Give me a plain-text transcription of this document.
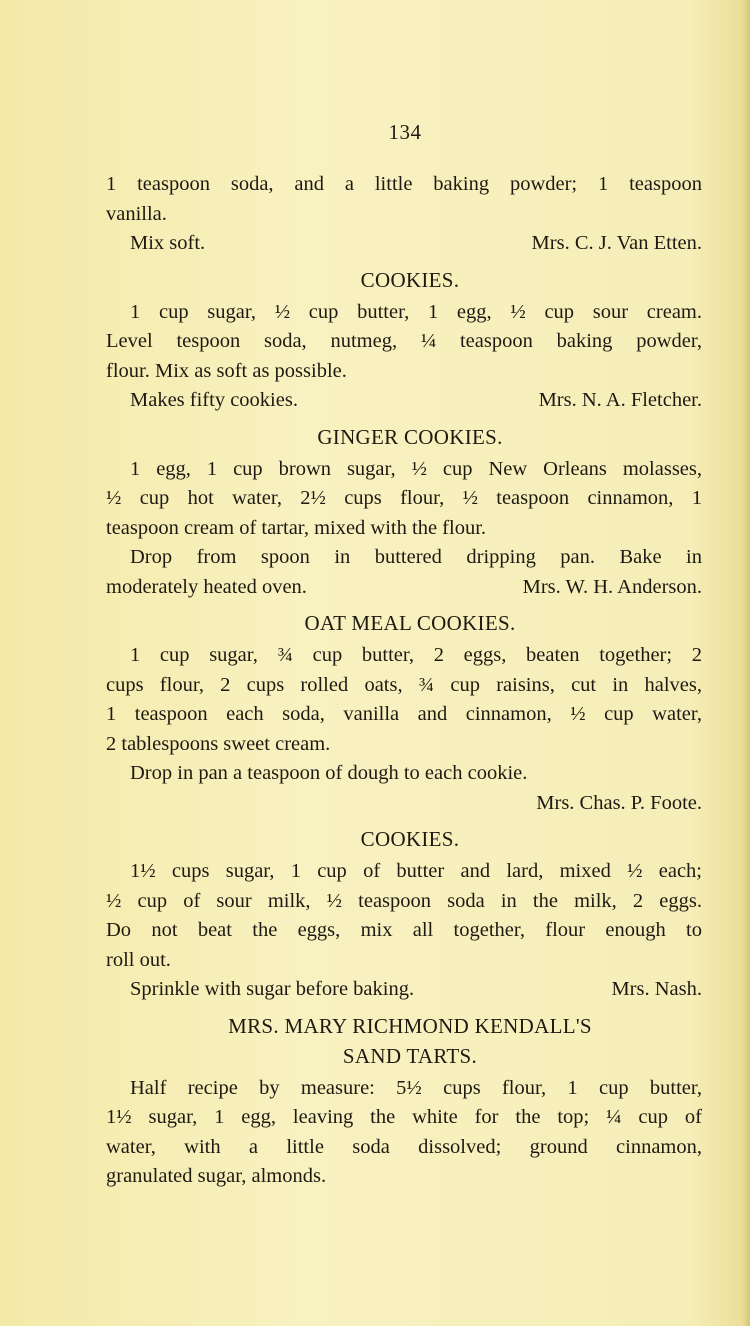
134
1 teaspoon soda, and a little baking powder; 1 teaspoon
vanilla.
Mix soft.	Mrs. C. J. Van Etten.
COOKIES.
1 cup sugar, ½ cup butter, 1 egg, ½ cup sour cream.
Level tespoon soda, nutmeg, ¼ teaspoon baking powder,
flour. Mix as soft as possible.
Makes fifty cookies.	Mrs. N. A. Fletcher.
GINGER COOKIES.
1 egg, 1 cup brown sugar, ½ cup New Orleans molasses,
½ cup hot water, 2½ cups flour, ½ teaspoon cinnamon, 1
teaspoon cream of tartar, mixed with the flour.
Drop from spoon in buttered dripping pan. Bake in
moderately heated oven.	Mrs. W. H. Anderson.
OAT MEAL COOKIES.
1 cup sugar, ¾ cup butter, 2 eggs, beaten together; 2
cups flour, 2 cups rolled oats, ¾ cup raisins, cut in halves,
1 teaspoon each soda, vanilla and cinnamon, ½ cup water,
2 tablespoons sweet cream.
Drop in pan a teaspoon of dough to each cookie.
Mrs. Chas. P. Foote.
COOKIES.
1½ cups sugar, 1 cup of butter and lard, mixed ½ each;
½ cup of sour milk, ½ teaspoon soda in the milk, 2 eggs.
Do not beat the eggs, mix all together, flour enough to
roll out.
Sprinkle with sugar before baking.	Mrs. Nash.
MRS. MARY RICHMOND KENDALL'S
SAND TARTS.
Half recipe by measure: 5½ cups flour, 1 cup butter,
1½ sugar, 1 egg, leaving the white for the top; ¼ cup of
water, with a little soda dissolved; ground cinnamon,
granulated sugar, almonds.
